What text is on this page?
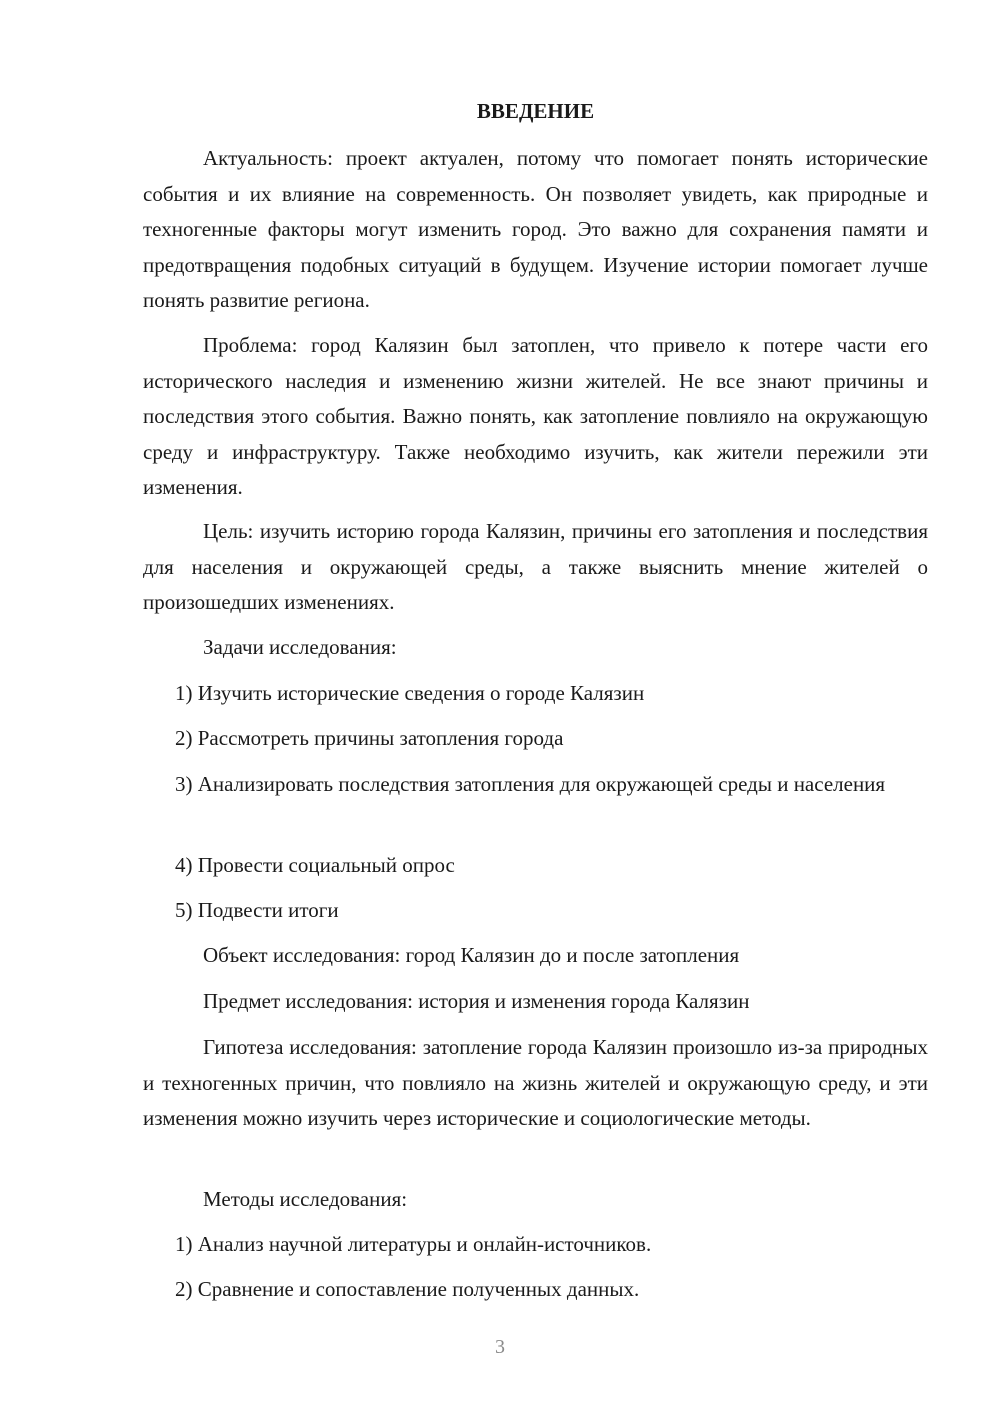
ВВЕДЕНИЕ

Актуальность: проект актуален, потому что помогает понять исторические события и их влияние на современность. Он позволяет увидеть, как природные и техногенные факторы могут изменить город. Это важно для сохранения памяти и предотвращения подобных ситуаций в будущем. Изучение истории помогает лучше понять развитие региона.

Проблема: город Калязин был затоплен, что привело к потере части его исторического наследия и изменению жизни жителей. Не все знают причины и последствия этого события. Важно понять, как затопление повлияло на окружающую среду и инфраструктуру. Также необходимо изучить, как жители пережили эти изменения.

Цель: изучить историю города Калязин, причины его затопления и последствия для населения и окружающей среды, а также выяснить мнение жителей о произошедших изменениях.

Задачи исследования:

1) Изучить исторические сведения о городе Калязин

2) Рассмотреть причины затопления города

3) Анализировать последствия затопления для окружающей среды и населения

4) Провести социальный опрос

5) Подвести итоги

Объект исследования: город Калязин до и после затопления

Предмет исследования: история и изменения города Калязин

Гипотеза исследования: затопление города Калязин произошло из-за природных и техногенных причин, что повлияло на жизнь жителей и окружающую среду, и эти изменения можно изучить через исторические и социологические методы.

Методы исследования:

1) Анализ научной литературы и онлайн-источников.

2) Сравнение и сопоставление полученных данных.

3
